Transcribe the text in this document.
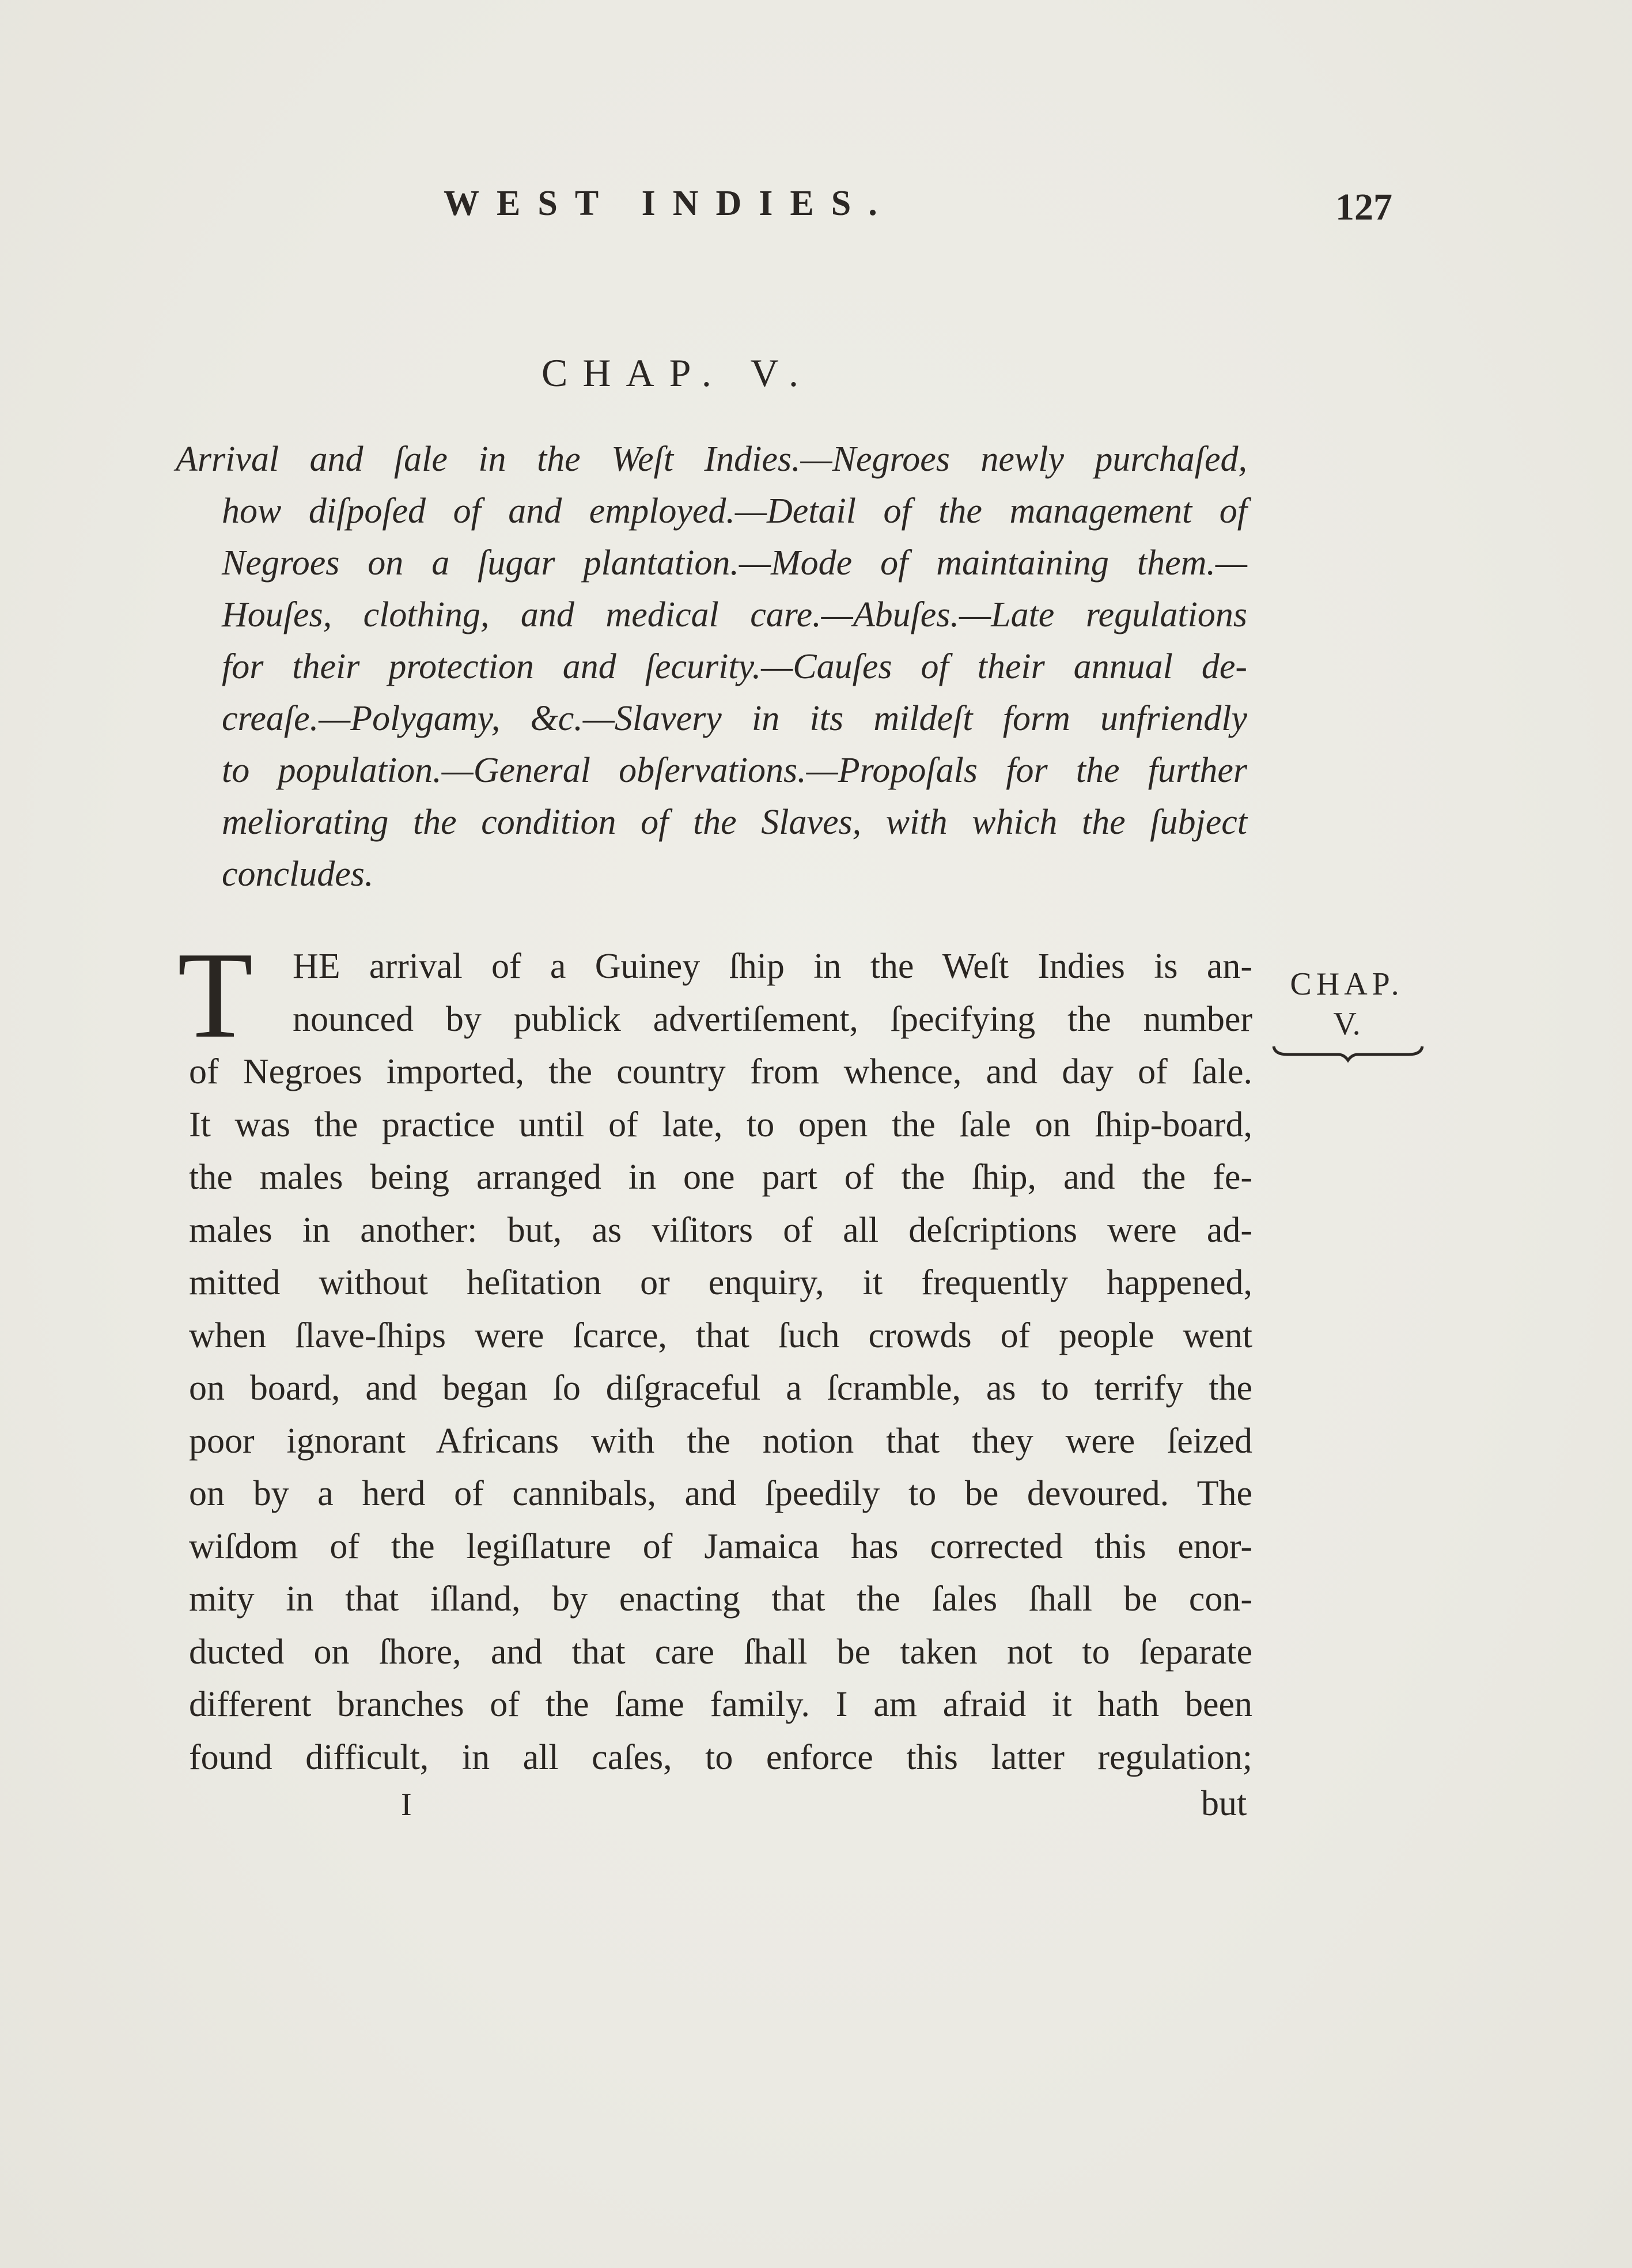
WEST INDIES.	127
CHAP. V.
Arrival and ſale in the Weſt Indies.—Negroes newly purchaſed,
how diſpoſed of and employed.—Detail of the management of
Negroes on a ſugar plantation.—Mode of maintaining them.—
Houſes, clothing, and medical care.—Abuſes.—Late regulations
for their protection and ſecurity.—Cauſes of their annual de-
creaſe.—Polygamy, &c.—Slavery in its mildeſt form unfriendly
to population.—General obſervations.—Propoſals for the further
meliorating the condition of the Slaves, with which the ſubject
concludes.
T	HE arrival of a Guiney ſhip in the Weſt Indies is an-
nounced by publick advertiſement, ſpecifying the number
of Negroes imported, the country from whence, and day of ſale.
It was the practice until of late, to open the ſale on ſhip-board,
the males being arranged in one part of the ſhip, and the fe-
males in another: but, as viſitors of all deſcriptions were ad-
mitted without heſitation or enquiry, it frequently happened,
when ſlave-ſhips were ſcarce, that ſuch crowds of people went
on board, and began ſo diſgraceful a ſcramble, as to terrify the
poor ignorant Africans with the notion that they were ſeized
on by a herd of cannibals, and ſpeedily to be devoured. The
wiſdom of the legiſlature of Jamaica has corrected this enor-
mity in that iſland, by enacting that the ſales ſhall be con-
ducted on ſhore, and that care ſhall be taken not to ſeparate
different branches of the ſame family. I am afraid it hath been
found difficult, in all caſes, to enforce this latter regulation;
CHAP.
V.
I	but
